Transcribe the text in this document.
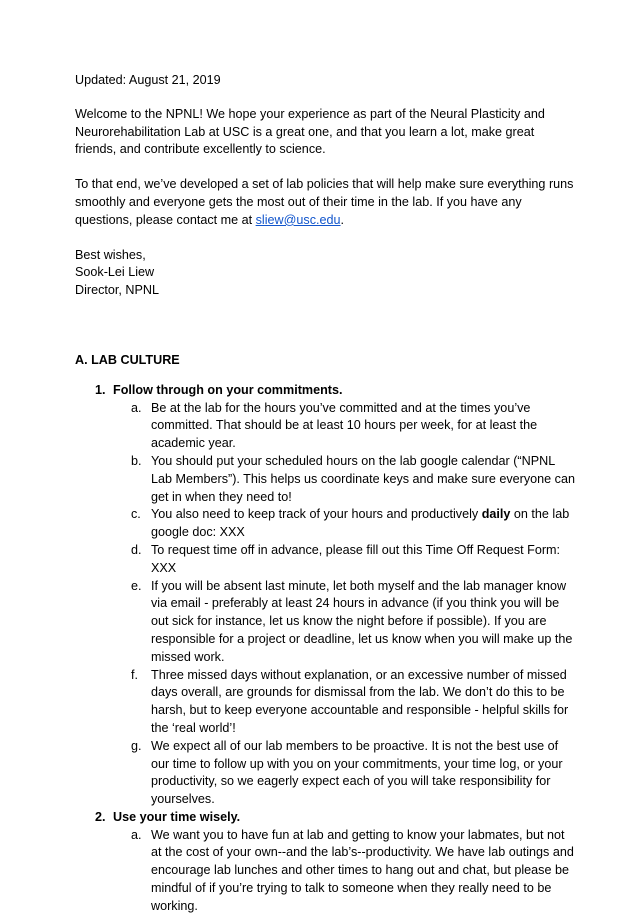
Updated: August 21, 2019

Welcome to the NPNL! We hope your experience as part of the Neural Plasticity and Neurorehabilitation Lab at USC is a great one, and that you learn a lot, make great friends, and contribute excellently to science.

To that end, we’ve developed a set of lab policies that will help make sure everything runs smoothly and everyone gets the most out of their time in the lab. If you have any questions, please contact me at sliew@usc.edu.

Best wishes,
Sook-Lei Liew
Director, NPNL

A. LAB CULTURE

1. Follow through on your commitments.
a. Be at the lab for the hours you’ve committed and at the times you’ve committed. That should be at least 10 hours per week, for at least the academic year.
b. You should put your scheduled hours on the lab google calendar (“NPNL Lab Members”). This helps us coordinate keys and make sure everyone can get in when they need to!
c. You also need to keep track of your hours and productively daily on the lab google doc: XXX
d. To request time off in advance, please fill out this Time Off Request Form: XXX
e. If you will be absent last minute, let both myself and the lab manager know via email - preferably at least 24 hours in advance (if you think you will be out sick for instance, let us know the night before if possible). If you are responsible for a project or deadline, let us know when you will make up the missed work.
f. Three missed days without explanation, or an excessive number of missed days overall, are grounds for dismissal from the lab. We don’t do this to be harsh, but to keep everyone accountable and responsible - helpful skills for the ‘real world’!
g. We expect all of our lab members to be proactive. It is not the best use of our time to follow up with you on your commitments, your time log, or your productivity, so we eagerly expect each of you will take responsibility for yourselves.
2. Use your time wisely.
a. We want you to have fun at lab and getting to know your labmates, but not at the cost of your own--and the lab’s--productivity. We have lab outings and encourage lab lunches and other times to hang out and chat, but please be mindful of if you’re trying to talk to someone when they really need to be working.
